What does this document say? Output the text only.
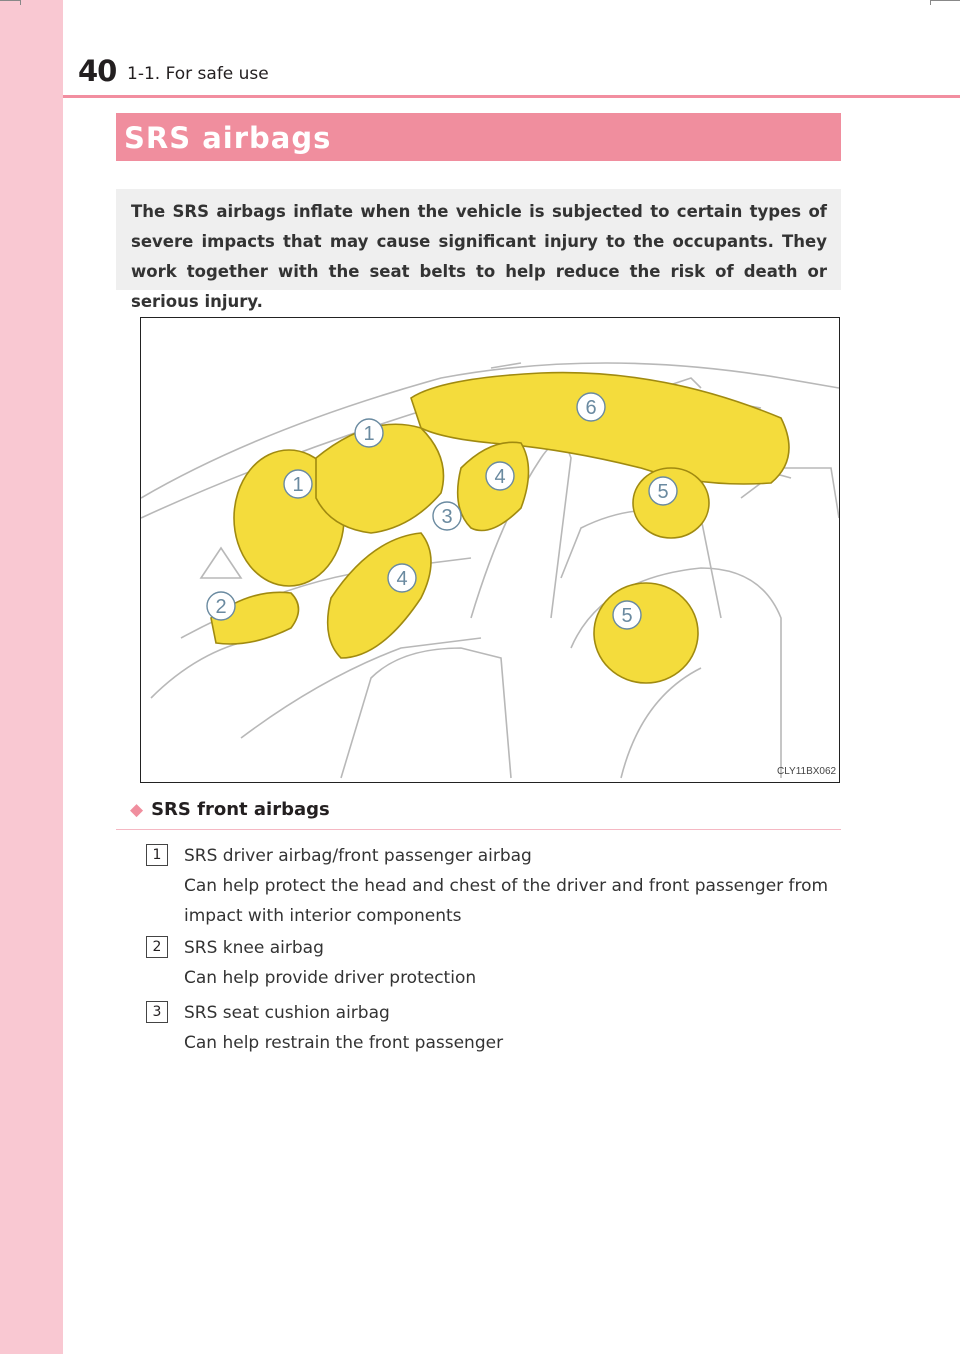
40 1-1. For safe use
SRS airbags
The SRS airbags inflate when the vehicle is subjected to certain types of severe impacts that may cause significant injury to the occupants. They work together with the seat belts to help reduce the risk of death or serious injury.
1
1
2
3
4
4
5
5
6
CLY11BX062
◆ SRS front airbags
1	SRS driver airbag/front passenger airbag
Can help protect the head and chest of the driver and front passenger from
impact with interior components
2	SRS knee airbag
Can help provide driver protection
3	SRS seat cushion airbag
Can help restrain the front passenger
